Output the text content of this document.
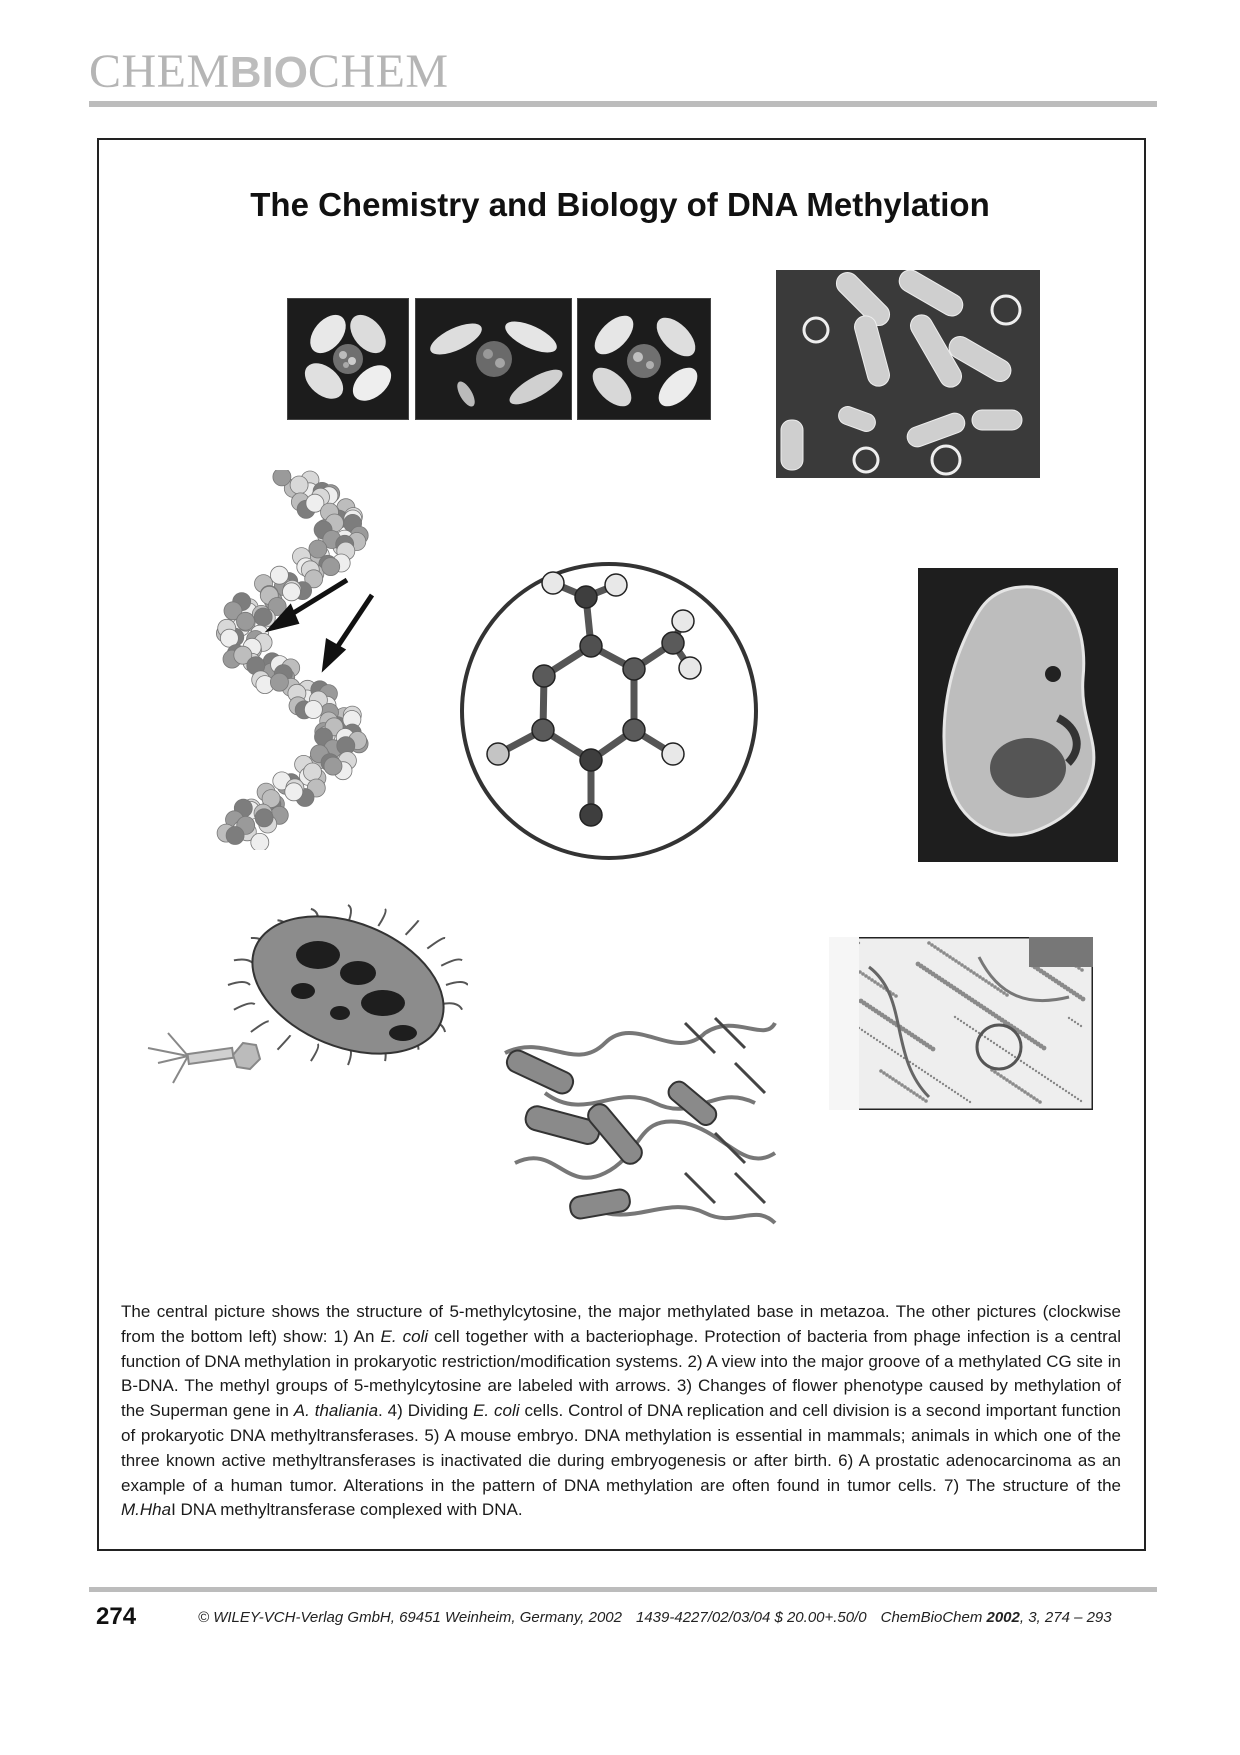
CHEMBIOCHEM
The Chemistry and Biology of DNA Methylation
The central picture shows the structure of 5-methylcytosine, the major methylated base in metazoa. The other pictures (clockwise from the bottom left) show: 1) An E. coli cell together with a bacteriophage. Protection of bacteria from phage infection is a central function of DNA methylation in prokaryotic restriction/modification systems. 2) A view into the major groove of a methylated CG site in B-DNA. The methyl groups of 5-methylcytosine are labeled with arrows. 3) Changes of flower phenotype caused by methylation of the Superman gene in A. thaliania. 4) Dividing E. coli cells. Control of DNA replication and cell division is a second important function of prokaryotic DNA methyltransferases. 5) A mouse embryo. DNA methylation is essential in mammals; animals in which one of the three known active methyltransferases is inactivated die during embryogenesis or after birth. 6) A prostatic adenocarcinoma as an example of a human tumor. Alterations in the pattern of DNA methylation are often found in tumor cells. 7) The structure of the M.HhaI DNA methyltransferase complexed with DNA.
274	© WILEY-VCH-Verlag GmbH, 69451 Weinheim, Germany, 2002 1439-4227/02/03/04 $ 20.00+.50/0 ChemBioChem 2002, 3, 274 – 293
